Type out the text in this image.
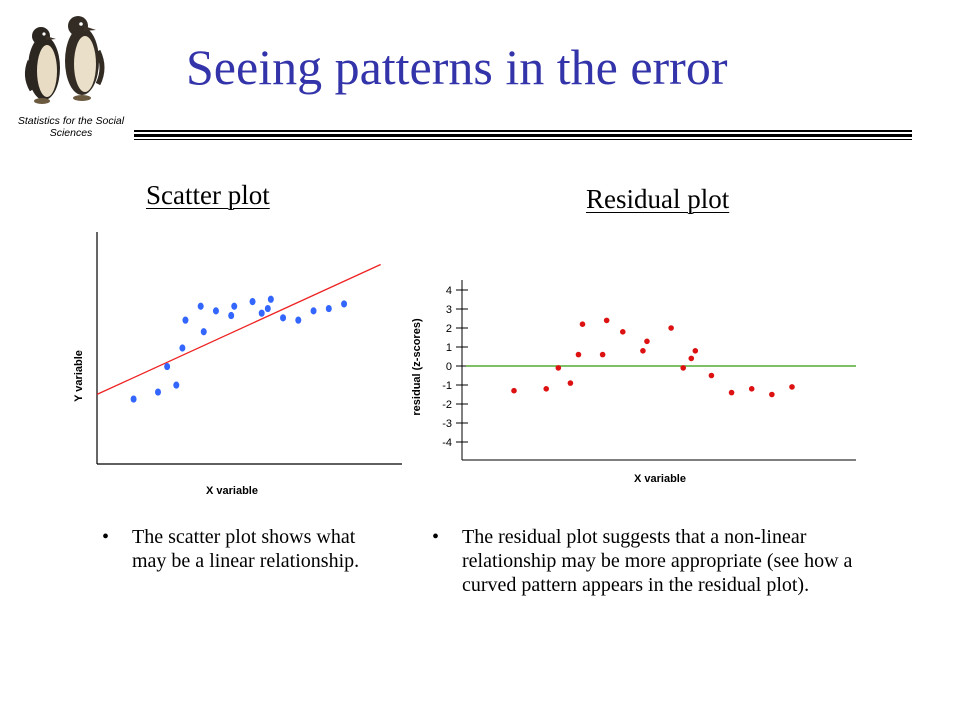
Statistics for the Social Sciences
Seeing patterns in the error
Scatter plot	Residual plot
X variable
Y variable
4
3
2
1
0
-1
-2
-3
-4
X variable
residual (z-scores)

• The scatter plot shows what may be a linear relationship.

• The residual plot suggests that a non-linear relationship may be more appropriate (see how a curved pattern appears in the residual plot).
